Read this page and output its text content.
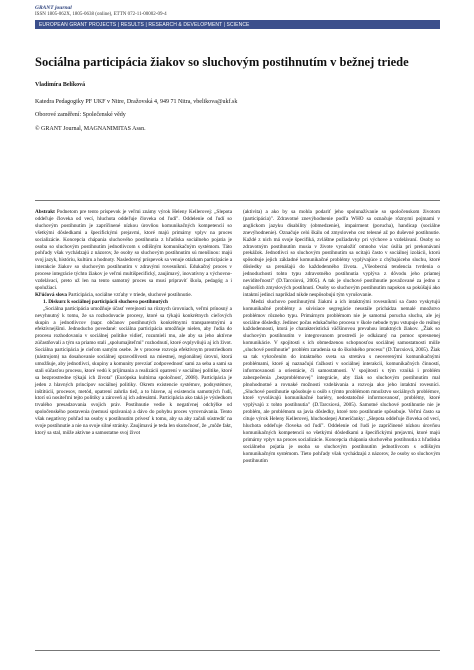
GRANT journal
ISSN 1805-062X, 1805-0638 (online), ETTN 072-11-00002-09-4
EUROPEAN GRANT PROJECTS | RESULTS | RESEARCH & DEVELOPMENT | SCIENCE
Sociálna participácia žiakov so sluchovým postihnutím v bežnej triede
Vladimíra Belíková
Katedra Pedagogiky PF UKF v Nitre, Dražovská 4, 949 71 Nitra, vbelikova@ukf.sk
Oborové zaměření: Společenské vědy
© GRANT Journal, MAGNANIMITAS Assn.

Abstrakt Podnetom pre tento príspevok je veľmi známy výrok Heleny Kellerovej: „Slepota oddeľuje človeka od vecí, hluchota oddeľuje človeka od ľudí". Oddelenie od ľudí so sluchovým postihnutím je zapríčinené nízkou úrovňou komunikačných kompetencií so všetkými dôsledkami a špecifickými prejavmi, ktoré majú primárny vplyv na proces socializácie. Koncepcia chápania sluchového postihnutia z hľadiska sociálneho pojatia je osoba so sluchovým postihnutím jednotlivcom s odlišným komunikačným systémom. Táto pohľady však vychádzajú z názorov, že osoby so sluchovým postihnutím sú menšinou: majú svoj jazyk, históriu, kultúru a hodnoty. Nasledovný príspevok sa venuje otázkam participácie a interakcie žiakov so sluchovým postihnutím v zdravými rovesníkmi. Edukačný proces v procese integrácie týchto žiakov je veľmi multišpecifický, zaujímavý, inovatívny a výchovno-vzdelávací, preto už len na tento samotný proces sa musí pripraviť škola, pedagóg a i spolužiaci.

Kľúčová slova Participácia, sociálne vzťahy v triede, sluchové postihnutie.

1. Diskurz k sociálnej participácii sluchovo postihnutých

„Sociálna participácia umožňuje účasť verejnosti na rôznych úrovniach, veľmi prínosný a nevyhnutný k tomu, že sa rozhodovacie procesy, ktoré sa týkajú konkrétnych cieľových skupín a jednotlivcov (napr. občanov postihnutých konkrétnymi transparentnými a efektívnejšími. Jednoducho povedané: sociálna participácia umožňuje nielen, aby ľudia do procesu rozhodovania v sociálnej politike vidieť, rozumieli mu, ale aby sa jeho aktívne zúčastňovali a tým sa priamo stali „spolumajiteľmi" rozhodnutí, ktoré ovplyvňujú aj ich život. Sociálna participácia je cieľom samým osebe. Je v procese rozvoja efektívnym prostriedkom (nástrojom) na dosahovanie sociálnej spravodlivosti na miestnej, regionálnej úrovni, ktorá umožňuje, aby jednotlivci, skupiny a komunity prevziať zodpovednosť sami za seba a sami sa stali súčasťou procesu, ktoré vedú k prijímania a realizácii opatrení v sociálnej politike, ktoré sa bezprostredne týkajú ich života" (Európska kultúrna spoločnosť, 2008). Participácia je jeden z hlavných princípov sociálnej politiky. Okrem existencie systémov, podsystémov, inštitúcií, procesov, metód, opatrení zahrňa tiež, a to hlavne, aj existenciu samotných ľudí, ktorí sú nositeľmi tejto politiky a zároveň aj ich adresátmi. Participácia ako taká je výsledkom trvalého presadzovania svojich práv. Postihnutie vedie k negatívnej odchýlke od spoločenského postavenia (nemusí správania) a dávo do pohybu proces vyrovnávania. Tento však negatívny pohľad na osoby s postihnutím prívesť k tomu, aby sa aby začali sústrediť na svoje postihnutie a nie na svoje silné stránky. Zaujímavá je teda len skutočnosť, že „môže fakt, ktorý sa stal, môže aktívne a samostatne svoj život

(aktivita) a ako by sa mohla podariť jeho spolunažívanie so spoločenskom životom (participácia)". Zdravotné znevýhodnenie podľa WHO sa označuje rôznymi pojmami v anglickom jazyku disability (obmedzenie), impairment (porucha), handicap (sociálne znevýhodnenie). Označuje celú škálu od zmysloveho cez telesné až po duševné postihnutie. Každé z nich má svoje špecifiká, zvláštne požiadavky pri výchove a vzdelávaní. Osoby so zdravotným postihnutím musia v živote vynaložiť omnoho viac úsilia pri prekonávaní prekážok. Jednotlivci so sluchovým postihnutím sa ocitajú často v sociálnej izolácii, ktorú spôsobuje jejich základné komunikačné problémy vyplývajúce z chýbajúceho sluchu, ktoré dôsledky sa prenášajú do každodenného života. „Všeobecná tendencia tvrdenia o jednoduchosti tohto typu zdravotného postihnutia vyplýva z dôvodu jeho priamej neviditeľnosti" (D.Tarcsiová, 2005). A tak je sluchové postihnutie považované za jedno z najhorších zmyslových postihnutí. Osoby so sluchovým postihnutím napokon sa pokúšajú ako intaktní jedinci napríklad nikde nespôsobujú tým vyrušovanie.

Medzi sluchovo postihnutými žiakmi a ich intaktnými rovesníkmi sa často vyskytujú komunikačné problémy a súvisiace segregácie neustále prichádza nemalé množstvo problémov rôzneho typu. Primárnym problémom nie je samotná porucha sluchu, ale jej sociálne dôsledky. Jedinec počas edukačného procesu v škole nebude typu vstupuje do reálnej každodennosti, ktorá je charakteristická väčšinovou prevahou intaktných žiakov. „Žiak so sluchovým postihnutím v integrovanom prostredí je odkázaný na pomoc spresnenej komunikácie. V spojitosti s ich obmedzenou schopnosťou sociálnej samostatnosti môže „sluchové postihnutie" problém zaradenia sa do školského procesu" (D.Tarcsiová, 2005). Žiak sa tak vykročením do intaktného sveta sa stretáva s neoverenými komunikačnými problémami, ktoré aj naznačujú ťažkosti v sociálnej interakcii, komunikačných činností, informovanosti a orientácie, či samostatnosti. V spojitosti s tým vzniká i problém zabezpečenia „bezproblémovej" integrácie, aby žiak so sluchovým postihnutím mal plnohodnotné a rovnaké možnosti vzdelávania a rozvoja ako jeho intaktní rovesníci. „Sluchové postihnutie spôsobuje u osôb s týmto problémom množstvo sociálnych problémov, ktoré vyvolávajú komunikačné bariéry, nedostatočné informovanosť, problémy, ktoré vyplývajú z tohto postihnutia" (D.Tarcsiová, 2005). Samotné sluchové postihnutie nie je problém, ale problémom sa javia dôsledky, ktoré toto postihnutie spôsobuje. Veľmi často sa cituje výrok Heleny Kellerovej, hluchoslepej Američanky: „Slepota oddeľuje človeka od vecí, hluchota oddeľuje človeka od ľudí". Oddelenie od ľudí je zapríčinené nízkou úrovňou komunikačných kompetencií so všetkými dôsledkami a špecifickými prejavmi, ktoré majú primárny vplyv na proces socializácie. Koncepcia chápania sluchového postihnutia z hľadiska sociálneho pojatia je osoba so sluchovým postihnutím jednotlivcom s odlišným komunikačným systémom. Tieto pohľady však vychádzajú z názorov, že osoby so sluchovým postihnutím
